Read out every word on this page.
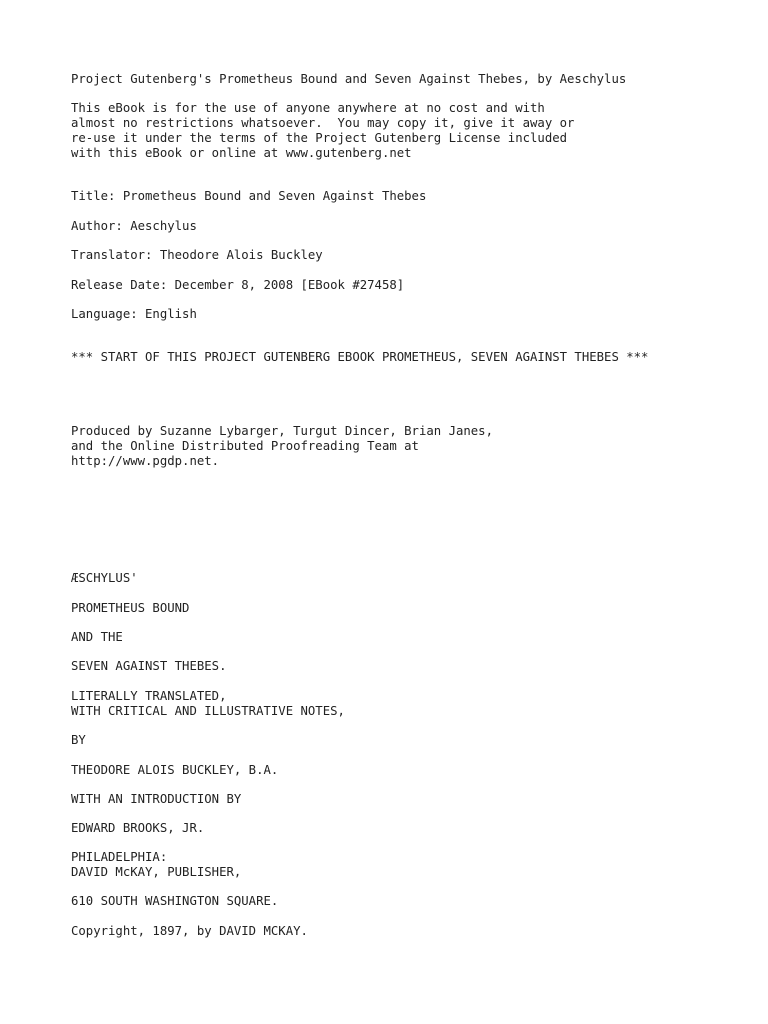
Project Gutenberg's Prometheus Bound and Seven Against Thebes, by Aeschylus
This eBook is for the use of anyone anywhere at no cost and with
almost no restrictions whatsoever.  You may copy it, give it away or
re-use it under the terms of the Project Gutenberg License included
with this eBook or online at www.gutenberg.net
Title: Prometheus Bound and Seven Against Thebes
Author: Aeschylus
Translator: Theodore Alois Buckley
Release Date: December 8, 2008 [EBook #27458]
Language: English
*** START OF THIS PROJECT GUTENBERG EBOOK PROMETHEUS, SEVEN AGAINST THEBES ***
Produced by Suzanne Lybarger, Turgut Dincer, Brian Janes,
and the Online Distributed Proofreading Team at
http://www.pgdp.net.
ÆSCHYLUS'
PROMETHEUS BOUND
AND THE
SEVEN AGAINST THEBES.
LITERALLY TRANSLATED,
WITH CRITICAL AND ILLUSTRATIVE NOTES,
BY
THEODORE ALOIS BUCKLEY, B.A.
WITH AN INTRODUCTION BY
EDWARD BROOKS, JR.
PHILADELPHIA:
DAVID McKAY, PUBLISHER,
610 SOUTH WASHINGTON SQUARE.
Copyright, 1897, by DAVID MCKAY.
